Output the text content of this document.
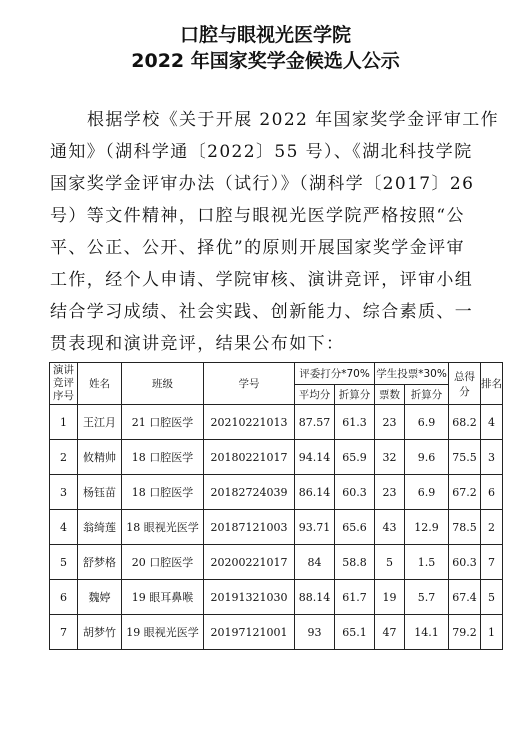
口腔与眼视光医学院
2022 年国家奖学金候选人公示
根据学校《关于开展 2022 年国家奖学金评审工作
通知》（湖科学通〔2022〕55 号）、《湖北科技学院
国家奖学金评审办法（试行）》（湖科学〔2017〕26
号）等文件精神，口腔与眼视光医学院严格按照“公
平、公正、公开、择优”的原则开展国家奖学金评审
工作，经个人申请、学院审核、演讲竞评，评审小组
结合学习成绩、社会实践、创新能力、综合素质、一
贯表现和演讲竞评，结果公布如下：
演讲
竞评
序号	姓名	班级	学号	评委打分*70%		学生投票*30%		总得分	排名
				平均分	折算分	票数	折算分		
1	王江月	21 口腔医学	20210221013	87.57	61.3	23	6.9	68.2	4
2	攸精帅	18 口腔医学	20180221017	94.14	65.9	32	9.6	75.5	3
3	杨钰苗	18 口腔医学	20182724039	86.14	60.3	23	6.9	67.2	6
4	翁绮莲	18 眼视光医学	20187121003	93.71	65.6	43	12.9	78.5	2
5	舒梦格	20 口腔医学	20200221017	84	58.8	5	1.5	60.3	7
6	魏婷	19 眼耳鼻喉	20191321030	88.14	61.7	19	5.7	67.4	5
7	胡梦竹	19 眼视光医学	20197121001	93	65.1	47	14.1	79.2	1
